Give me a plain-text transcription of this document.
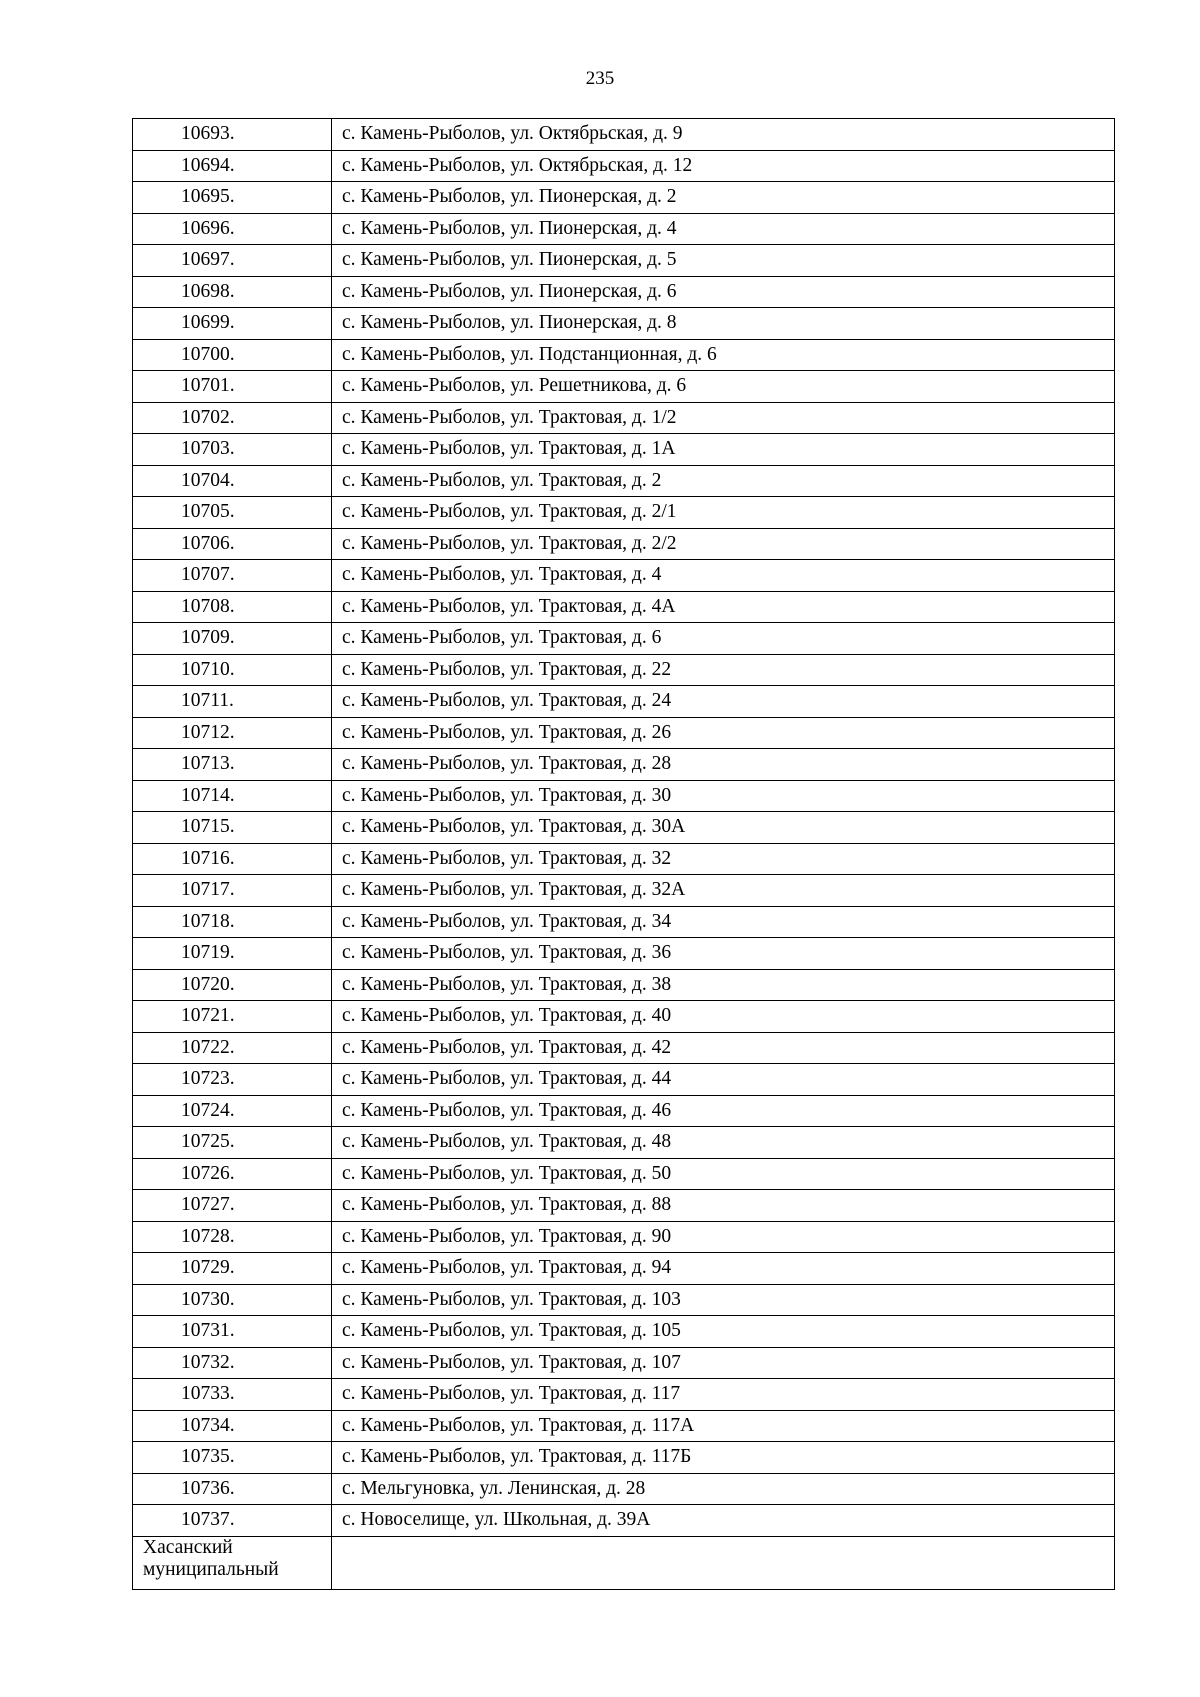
235
10693.	с. Камень-Рыболов, ул. Октябрьская, д. 9
10694.	с. Камень-Рыболов, ул. Октябрьская, д. 12
10695.	с. Камень-Рыболов, ул. Пионерская, д. 2
10696.	с. Камень-Рыболов, ул. Пионерская, д. 4
10697.	с. Камень-Рыболов, ул. Пионерская, д. 5
10698.	с. Камень-Рыболов, ул. Пионерская, д. 6
10699.	с. Камень-Рыболов, ул. Пионерская, д. 8
10700.	с. Камень-Рыболов, ул. Подстанционная, д. 6
10701.	с. Камень-Рыболов, ул. Решетникова, д. 6
10702.	с. Камень-Рыболов, ул. Трактовая, д. 1/2
10703.	с. Камень-Рыболов, ул. Трактовая, д. 1А
10704.	с. Камень-Рыболов, ул. Трактовая, д. 2
10705.	с. Камень-Рыболов, ул. Трактовая, д. 2/1
10706.	с. Камень-Рыболов, ул. Трактовая, д. 2/2
10707.	с. Камень-Рыболов, ул. Трактовая, д. 4
10708.	с. Камень-Рыболов, ул. Трактовая, д. 4А
10709.	с. Камень-Рыболов, ул. Трактовая, д. 6
10710.	с. Камень-Рыболов, ул. Трактовая, д. 22
10711.	с. Камень-Рыболов, ул. Трактовая, д. 24
10712.	с. Камень-Рыболов, ул. Трактовая, д. 26
10713.	с. Камень-Рыболов, ул. Трактовая, д. 28
10714.	с. Камень-Рыболов, ул. Трактовая, д. 30
10715.	с. Камень-Рыболов, ул. Трактовая, д. 30А
10716.	с. Камень-Рыболов, ул. Трактовая, д. 32
10717.	с. Камень-Рыболов, ул. Трактовая, д. 32А
10718.	с. Камень-Рыболов, ул. Трактовая, д. 34
10719.	с. Камень-Рыболов, ул. Трактовая, д. 36
10720.	с. Камень-Рыболов, ул. Трактовая, д. 38
10721.	с. Камень-Рыболов, ул. Трактовая, д. 40
10722.	с. Камень-Рыболов, ул. Трактовая, д. 42
10723.	с. Камень-Рыболов, ул. Трактовая, д. 44
10724.	с. Камень-Рыболов, ул. Трактовая, д. 46
10725.	с. Камень-Рыболов, ул. Трактовая, д. 48
10726.	с. Камень-Рыболов, ул. Трактовая, д. 50
10727.	с. Камень-Рыболов, ул. Трактовая, д. 88
10728.	с. Камень-Рыболов, ул. Трактовая, д. 90
10729.	с. Камень-Рыболов, ул. Трактовая, д. 94
10730.	с. Камень-Рыболов, ул. Трактовая, д. 103
10731.	с. Камень-Рыболов, ул. Трактовая, д. 105
10732.	с. Камень-Рыболов, ул. Трактовая, д. 107
10733.	с. Камень-Рыболов, ул. Трактовая, д. 117
10734.	с. Камень-Рыболов, ул. Трактовая, д. 117А
10735.	с. Камень-Рыболов, ул. Трактовая, д. 117Б
10736.	с. Мельгуновка, ул. Ленинская, д. 28
10737.	с. Новоселище, ул. Школьная, д. 39А
Хасанский
муниципальный	
